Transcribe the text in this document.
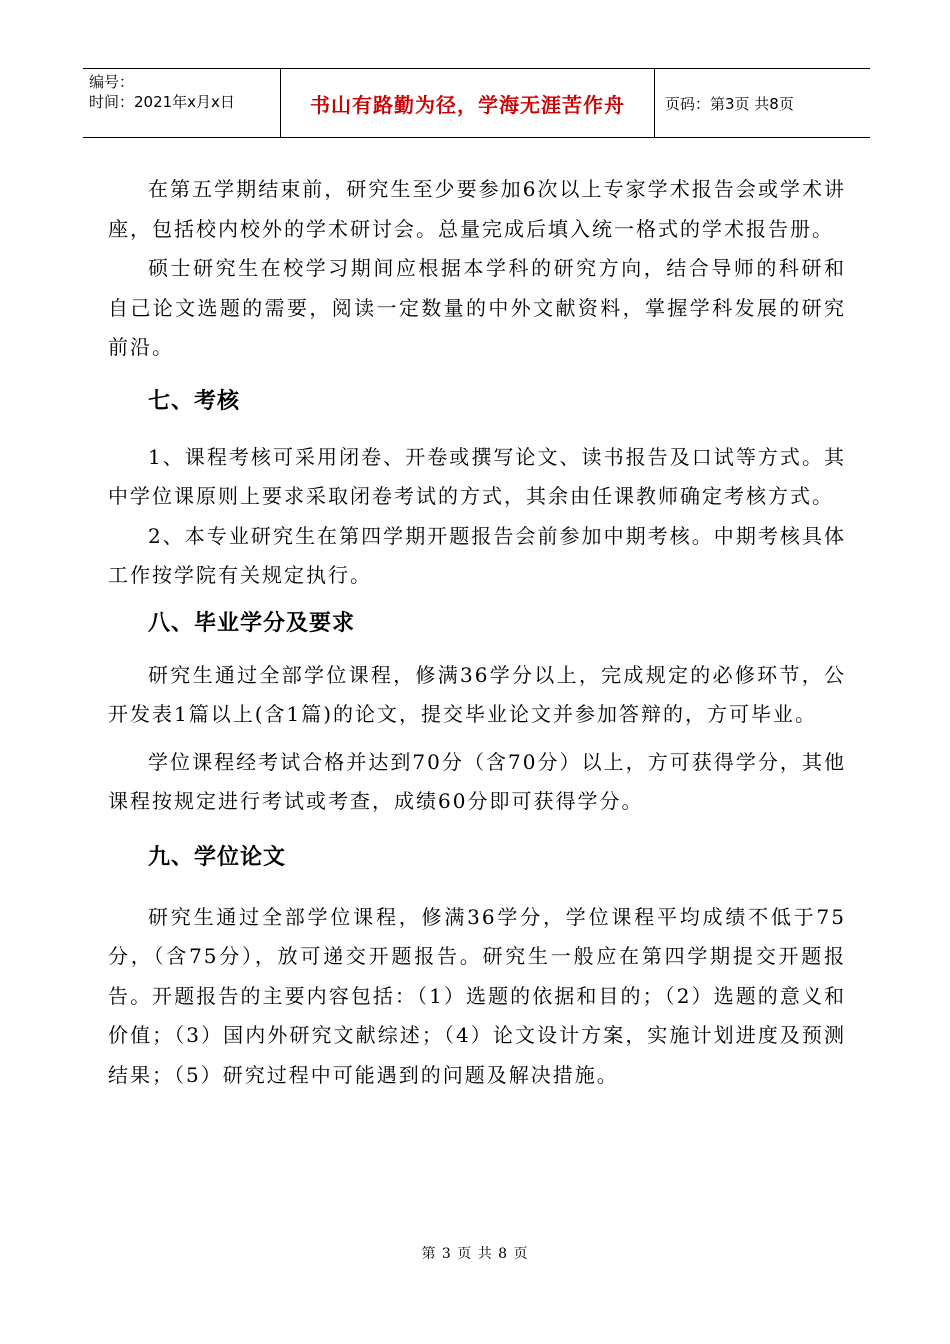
编号：
时间：2021年x月x日	书山有路勤为径，学海无涯苦作舟	页码：第3页 共8页

在第五学期结束前，研究生至少要参加6次以上专家学术报告会或学术讲座，包括校内校外的学术研讨会。总量完成后填入统一格式的学术报告册。

硕士研究生在校学习期间应根据本学科的研究方向，结合导师的科研和自己论文选题的需要，阅读一定数量的中外文献资料，掌握学科发展的研究前沿。

七、考核

1、课程考核可采用闭卷、开卷或撰写论文、读书报告及口试等方式。其中学位课原则上要求采取闭卷考试的方式，其余由任课教师确定考核方式。

2、本专业研究生在第四学期开题报告会前参加中期考核。中期考核具体工作按学院有关规定执行。

八、毕业学分及要求

研究生通过全部学位课程，修满36学分以上，完成规定的必修环节，公开发表1篇以上(含1篇)的论文，提交毕业论文并参加答辩的，方可毕业。

学位课程经考试合格并达到70分（含70分）以上，方可获得学分，其他课程按规定进行考试或考查，成绩60分即可获得学分。

九、学位论文

研究生通过全部学位课程，修满36学分，学位课程平均成绩不低于75分，（含75分），放可递交开题报告。研究生一般应在第四学期提交开题报告。开题报告的主要内容包括：（1）选题的依据和目的；（2）选题的意义和价值；（3）国内外研究文献综述；（4）论文设计方案，实施计划进度及预测结果；（5）研究过程中可能遇到的问题及解决措施。

第 3 页 共 8 页
